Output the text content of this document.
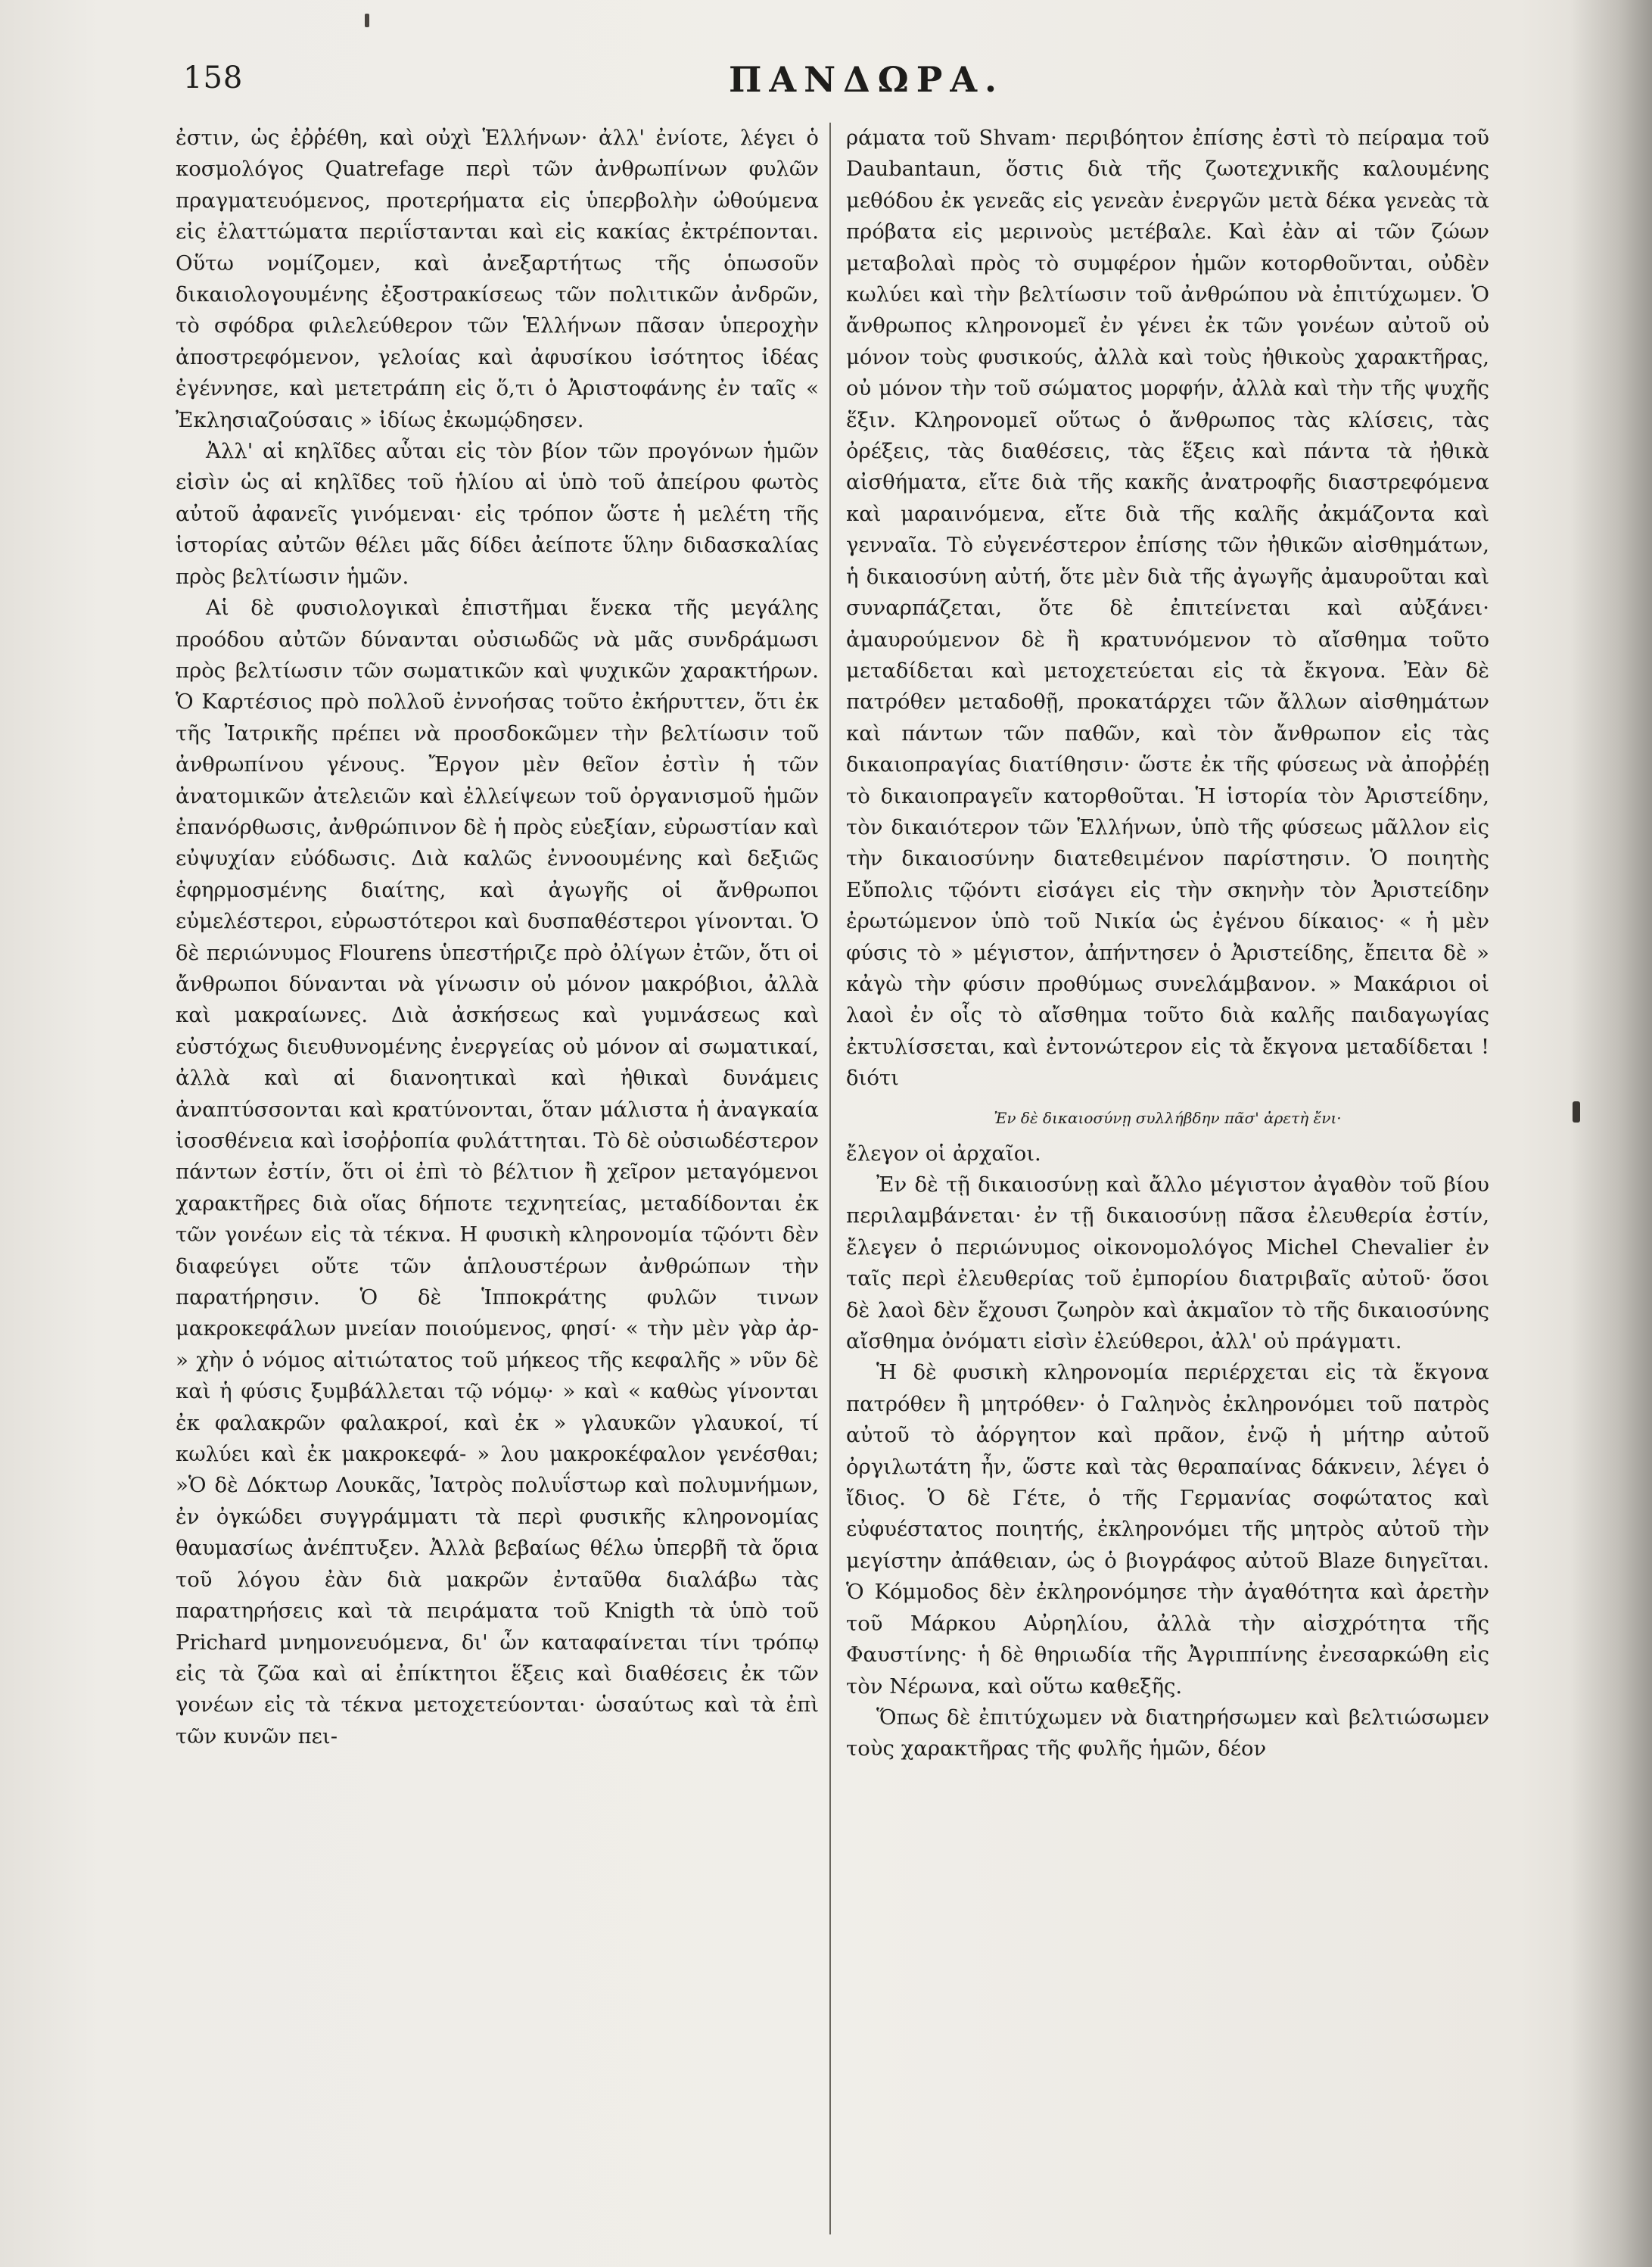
158	ΠΑΝΔΩΡΑ.

ἐστιν, ὡς ἐῤῥέθη, καὶ οὐχὶ Ἑλλήνων· ἀλλ' ἐνίοτε, λέγει ὁ κοσμολόγος Quatrefage περὶ τῶν ἀνθρωπίνων φυλῶν πραγματευόμενος, προτερήματα εἰς ὑπερβολὴν ὠθούμενα εἰς ἐλαττώματα περιΐστανται καὶ εἰς κακίας ἐκτρέπονται. Οὕτω νομίζομεν, καὶ ἀνεξαρτήτως τῆς ὁπωσοῦν δικαιολογουμένης ἐξοστρακίσεως τῶν πολιτικῶν ἀνδρῶν, τὸ σφόδρα φιλελεύθερον τῶν Ἑλλήνων πᾶσαν ὑπεροχὴν ἀποστρεφόμενον, γελοίας καὶ ἀφυσίκου ἰσότητος ἰδέας ἐγέννησε, καὶ μετετράπη εἰς ὅ,τι ὁ Ἀριστοφάνης ἐν ταῖς « Ἐκλησιαζούσαις » ἰδίως ἐκωμῴδησεν.

Ἀλλ' αἱ κηλῖδες αὗται εἰς τὸν βίον τῶν προγόνων ἡμῶν εἰσὶν ὡς αἱ κηλῖδες τοῦ ἡλίου αἱ ὑπὸ τοῦ ἀπείρου φωτὸς αὐτοῦ ἀφανεῖς γινόμεναι· εἰς τρόπον ὥστε ἡ μελέτη τῆς ἱστορίας αὐτῶν θέλει μᾶς δίδει ἀείποτε ὕλην διδασκαλίας πρὸς βελτίωσιν ἡμῶν.

Αἱ δὲ φυσιολογικαὶ ἐπιστῆμαι ἕνεκα τῆς μεγάλης προόδου αὐτῶν δύνανται οὐσιωδῶς νὰ μᾶς συνδράμωσι πρὸς βελτίωσιν τῶν σωματικῶν καὶ ψυχικῶν χαρακτήρων. Ὁ Καρτέσιος πρὸ πολλοῦ ἐννοήσας τοῦτο ἐκήρυττεν, ὅτι ἐκ τῆς Ἰατρικῆς πρέπει νὰ προσδοκῶμεν τὴν βελτίωσιν τοῦ ἀνθρωπίνου γένους. Ἔργον μὲν θεῖον ἐστὶν ἡ τῶν ἀνατομικῶν ἀτελειῶν καὶ ἐλλείψεων τοῦ ὀργανισμοῦ ἡμῶν ἐπανόρθωσις, ἀνθρώπινον δὲ ἡ πρὸς εὐεξίαν, εὐρωστίαν καὶ εὐψυχίαν εὐόδωσις. Διὰ καλῶς ἐννοουμένης καὶ δεξιῶς ἐφηρμοσμένης διαίτης, καὶ ἀγωγῆς οἱ ἄνθρωποι εὐμελέστεροι, εὐρωστότεροι καὶ δυσπαθέστεροι γίνονται. Ὁ δὲ περιώνυμος Flourens ὑπεστήριζε πρὸ ὀλίγων ἐτῶν, ὅτι οἱ ἄνθρωποι δύνανται νὰ γίνωσιν οὐ μόνον μακρόβιοι, ἀλλὰ καὶ μακραίωνες. Διὰ ἀσκήσεως καὶ γυμνάσεως καὶ εὐστόχως διευθυνομένης ἐνεργείας οὐ μόνον αἱ σωματικαί, ἀλλὰ καὶ αἱ διανοητικαὶ καὶ ἠθικαὶ δυνάμεις ἀναπτύσσονται καὶ κρατύνονται, ὅταν μάλιστα ἡ ἀναγκαία ἰσοσθένεια καὶ ἰσοῤῥοπία φυλάττηται. Τὸ δὲ οὐσιωδέστερον πάντων ἐστίν, ὅτι οἱ ἐπὶ τὸ βέλτιον ἢ χεῖρον μεταγόμενοι χαρακτῆρες διὰ οἵας δήποτε τεχνητείας, μεταδίδονται ἐκ τῶν γονέων εἰς τὰ τέκνα. Η φυσικὴ κληρονομία τῷόντι δὲν διαφεύγει οὔτε τῶν ἁπλουστέρων ἀνθρώπων τὴν παρατήρησιν. Ὁ δὲ Ἱπποκράτης φυλῶν τινων μακροκεφάλων μνείαν ποιούμενος, φησί· « τὴν μὲν γὰρ ἀρ- » χὴν ὁ νόμος αἰτιώτατος τοῦ μήκεος τῆς κεφαλῆς » νῦν δὲ καὶ ἡ φύσις ξυμβάλλεται τῷ νόμῳ· » καὶ « καθὼς γίνονται ἐκ φαλακρῶν φαλακροί, καὶ ἐκ » γλαυκῶν γλαυκοί, τί κωλύει καὶ ἐκ μακροκεφά- » λου μακροκέφαλον γενέσθαι; »Ὁ δὲ Δόκτωρ Λουκᾶς, Ἰατρὸς πολυΐστωρ καὶ πολυμνήμων, ἐν ὀγκώδει συγγράμματι τὰ περὶ φυσικῆς κληρονομίας θαυμασίως ἀνέπτυξεν. Ἀλλὰ βεβαίως θέλω ὑπερβῆ τὰ ὅρια τοῦ λόγου ἐὰν διὰ μακρῶν ἐνταῦθα διαλάβω τὰς παρατηρήσεις καὶ τὰ πειράματα τοῦ Knigth τὰ ὑπὸ τοῦ Prichard μνημονευόμενα, δι' ὧν καταφαίνεται τίνι τρόπῳ εἰς τὰ ζῶα καὶ αἱ ἐπίκτητοι ἕξεις καὶ διαθέσεις ἐκ τῶν γονέων εἰς τὰ τέκνα μετοχετεύονται· ὡσαύτως καὶ τὰ ἐπὶ τῶν κυνῶν πει-

ράματα τοῦ Shvam· περιβόητον ἐπίσης ἐστὶ τὸ πείραμα τοῦ Daubantaun, ὅστις διὰ τῆς ζωοτεχνικῆς καλουμένης μεθόδου ἐκ γενεᾶς εἰς γενεὰν ἐνεργῶν μετὰ δέκα γενεὰς τὰ πρόβατα εἰς μερινοὺς μετέβαλε. Καὶ ἐὰν αἱ τῶν ζώων μεταβολαὶ πρὸς τὸ συμφέρον ἡμῶν κοτορθοῦνται, οὐδὲν κωλύει καὶ τὴν βελτίωσιν τοῦ ἀνθρώπου νὰ ἐπιτύχωμεν. Ὁ ἄνθρωπος κληρονομεῖ ἐν γένει ἐκ τῶν γονέων αὐτοῦ οὐ μόνον τοὺς φυσικούς, ἀλλὰ καὶ τοὺς ἠθικοὺς χαρακτῆρας, οὐ μόνον τὴν τοῦ σώματος μορφήν, ἀλλὰ καὶ τὴν τῆς ψυχῆς ἕξιν. Κληρονομεῖ οὕτως ὁ ἄνθρωπος τὰς κλίσεις, τὰς ὀρέξεις, τὰς διαθέσεις, τὰς ἕξεις καὶ πάντα τὰ ἠθικὰ αἰσθήματα, εἴτε διὰ τῆς κακῆς ἀνατροφῆς διαστρεφόμενα καὶ μαραινόμενα, εἴτε διὰ τῆς καλῆς ἀκμάζοντα καὶ γενναῖα. Τὸ εὐγενέστερον ἐπίσης τῶν ἠθικῶν αἰσθημάτων, ἡ δικαιοσύνη αὐτή, ὅτε μὲν διὰ τῆς ἀγωγῆς ἀμαυροῦται καὶ συναρπάζεται, ὅτε δὲ ἐπιτείνεται καὶ αὐξάνει· ἀμαυρούμενον δὲ ἢ κρατυνόμενον τὸ αἴσθημα τοῦτο μεταδίδεται καὶ μετοχετεύεται εἰς τὰ ἔκγονα. Ἐὰν δὲ πατρόθεν μεταδοθῇ, προκατάρχει τῶν ἄλλων αἰσθημάτων καὶ πάντων τῶν παθῶν, καὶ τὸν ἄνθρωπον εἰς τὰς δικαιοπραγίας διατίθησιν· ὥστε ἐκ τῆς φύσεως νὰ ἀποῤῥέῃ τὸ δικαιοπραγεῖν κατορθοῦται. Ἡ ἱστορία τὸν Ἀριστείδην, τὸν δικαιότερον τῶν Ἑλλήνων, ὑπὸ τῆς φύσεως μᾶλλον εἰς τὴν δικαιοσύνην διατεθειμένον παρίστησιν. Ὁ ποιητὴς Εὔπολις τῷόντι εἰσάγει εἰς τὴν σκηνὴν τὸν Ἀριστείδην ἐρωτώμενον ὑπὸ τοῦ Νικία ὡς ἐγένου δίκαιος· « ἡ μὲν φύσις τὸ » μέγιστον, ἀπήντησεν ὁ Ἀριστείδης, ἔπειτα δὲ » κἀγὼ τὴν φύσιν προθύμως συνελάμβανον. » Μακάριοι οἱ λαοὶ ἐν οἷς τὸ αἴσθημα τοῦτο διὰ καλῆς παιδαγωγίας ἐκτυλίσσεται, καὶ ἐντονώτερον εἰς τὰ ἔκγονα μεταδίδεται ! διότι

Ἐν δὲ δικαιοσύνῃ συλλήβδην πᾶσ' ἀρετὴ ἔνι·

ἔλεγον οἱ ἀρχαῖοι.

Ἐν δὲ τῇ δικαιοσύνῃ καὶ ἄλλο μέγιστον ἀγαθὸν τοῦ βίου περιλαμβάνεται· ἐν τῇ δικαιοσύνῃ πᾶσα ἐλευθερία ἐστίν, ἔλεγεν ὁ περιώνυμος οἰκονομολόγος Michel Chevalier ἐν ταῖς περὶ ἐλευθερίας τοῦ ἐμπορίου διατριβαῖς αὐτοῦ· ὅσοι δὲ λαοὶ δὲν ἔχουσι ζωηρὸν καὶ ἀκμαῖον τὸ τῆς δικαιοσύνης αἴσθημα ὀνόματι εἰσὶν ἐλεύθεροι, ἀλλ' οὐ πράγματι.

Ἡ δὲ φυσικὴ κληρονομία περιέρχεται εἰς τὰ ἔκγονα πατρόθεν ἢ μητρόθεν· ὁ Γαληνὸς ἐκληρονόμει τοῦ πατρὸς αὐτοῦ τὸ ἀόργητον καὶ πρᾶον, ἐνῷ ἡ μήτηρ αὐτοῦ ὀργιλωτάτη ἦν, ὥστε καὶ τὰς θεραπαίνας δάκνειν, λέγει ὁ ἴδιος. Ὁ δὲ Γέτε, ὁ τῆς Γερμανίας σοφώτατος καὶ εὐφυέστατος ποιητής, ἐκληρονόμει τῆς μητρὸς αὐτοῦ τὴν μεγίστην ἀπάθειαν, ὡς ὁ βιογράφος αὐτοῦ Blaze διηγεῖται. Ὁ Κόμμοδος δὲν ἐκληρονόμησε τὴν ἀγαθότητα καὶ ἀρετὴν τοῦ Μάρκου Αὐρηλίου, ἀλλὰ τὴν αἰσχρότητα τῆς Φαυστίνης· ἡ δὲ θηριωδία τῆς Ἀγριππίνης ἐνεσαρκώθη εἰς τὸν Νέρωνα, καὶ οὕτω καθεξῆς.

Ὅπως δὲ ἐπιτύχωμεν νὰ διατηρήσωμεν καὶ βελτιώσωμεν τοὺς χαρακτῆρας τῆς φυλῆς ἡμῶν, δέον
